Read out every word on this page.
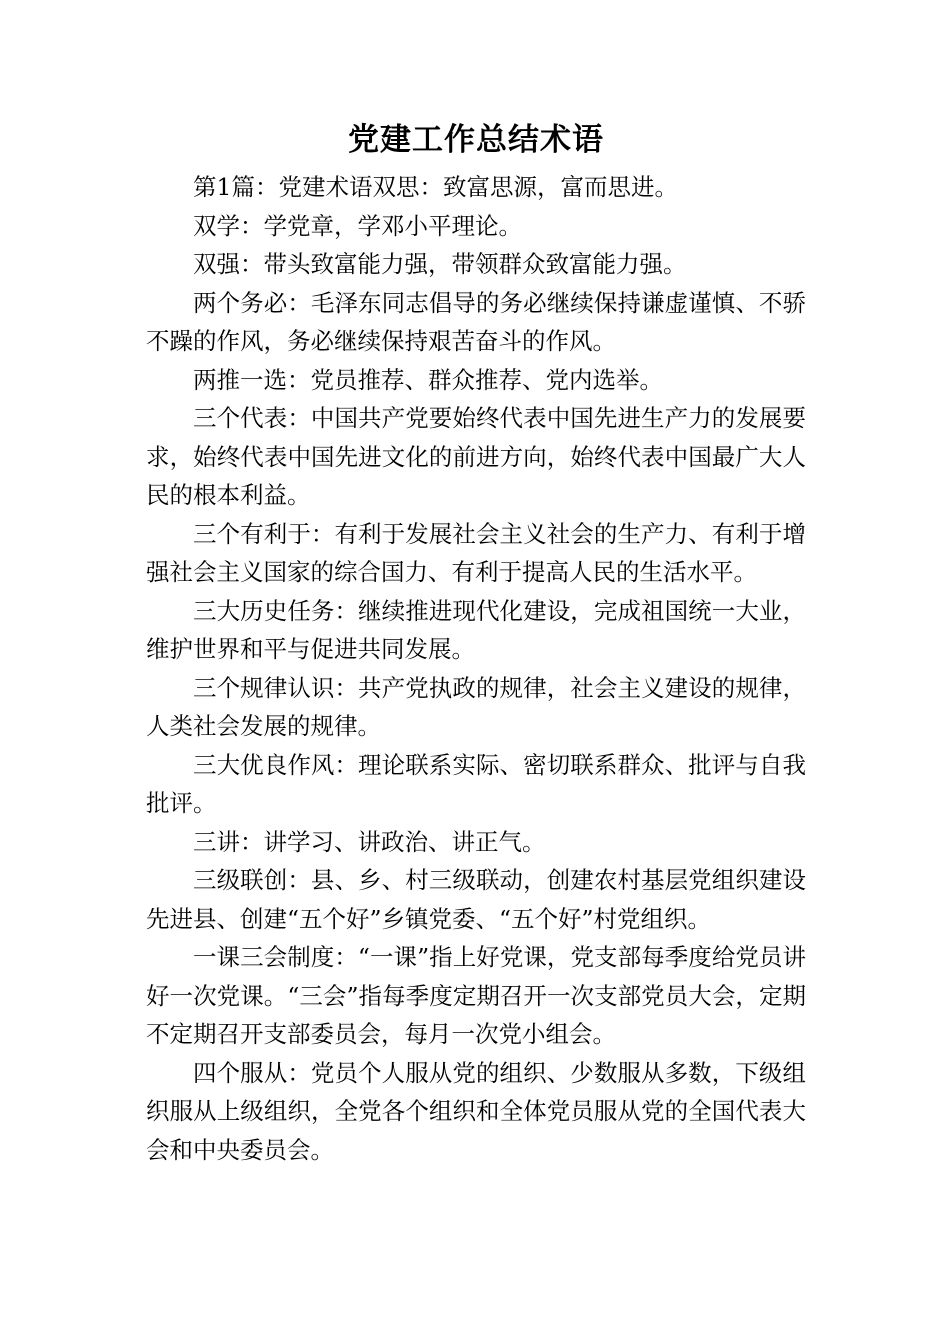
党建工作总结术语

第1篇：党建术语双思：致富思源，富而思进。

双学：学党章，学邓小平理论。

双强：带头致富能力强，带领群众致富能力强。

两个务必：毛泽东同志倡导的务必继续保持谦虚谨慎、不骄不躁的作风，务必继续保持艰苦奋斗的作风。

两推一选：党员推荐、群众推荐、党内选举。

三个代表：中国共产党要始终代表中国先进生产力的发展要求，始终代表中国先进文化的前进方向，始终代表中国最广大人民的根本利益。

三个有利于：有利于发展社会主义社会的生产力、有利于增强社会主义国家的综合国力、有利于提高人民的生活水平。

三大历史任务：继续推进现代化建设，完成祖国统一大业，维护世界和平与促进共同发展。

三个规律认识：共产党执政的规律，社会主义建设的规律，人类社会发展的规律。

三大优良作风：理论联系实际、密切联系群众、批评与自我批评。

三讲：讲学习、讲政治、讲正气。

三级联创：县、乡、村三级联动，创建农村基层党组织建设先进县、创建“五个好”乡镇党委、“五个好”村党组织。

一课三会制度：“一课”指上好党课，党支部每季度给党员讲好一次党课。“三会”指每季度定期召开一次支部党员大会，定期不定期召开支部委员会，每月一次党小组会。

四个服从：党员个人服从党的组织、少数服从多数，下级组织服从上级组织，全党各个组织和全体党员服从党的全国代表大会和中央委员会。
